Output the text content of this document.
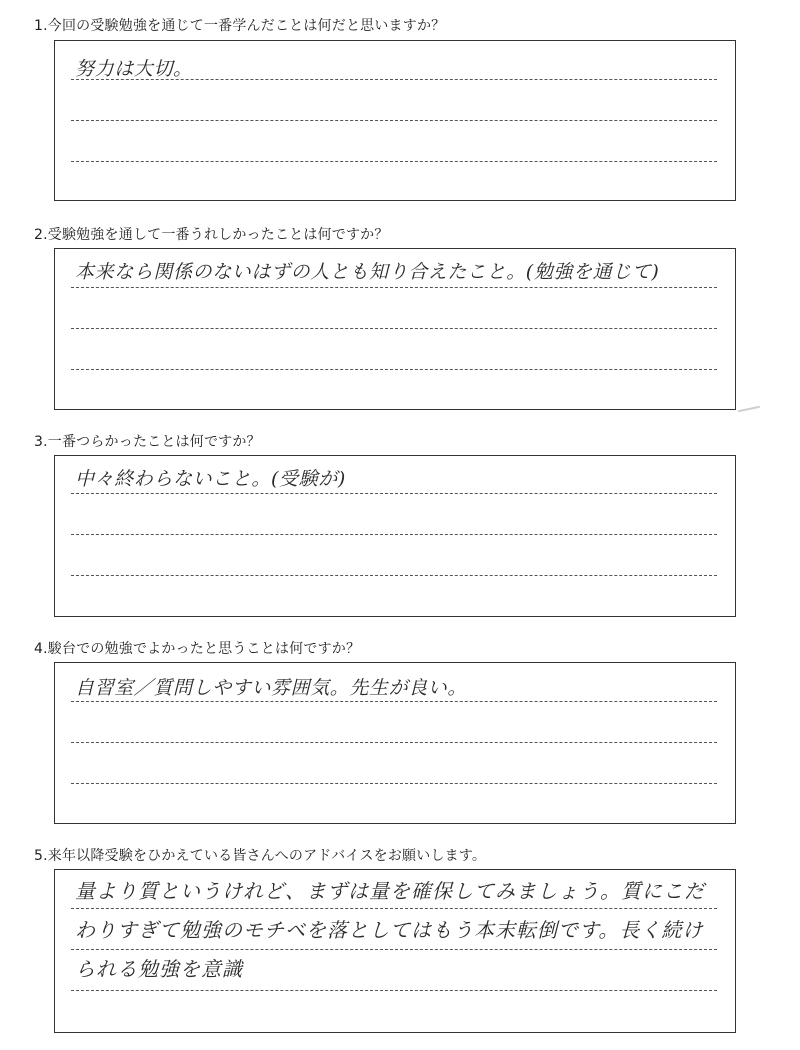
1.今回の受験勉強を通じて一番学んだことは何だと思いますか？
努力は大切。
2.受験勉強を通して一番うれしかったことは何ですか？
本来なら関係のないはずの人とも知り合えたこと。(勉強を通じて)
3.一番つらかったことは何ですか？
中々終わらないこと。(受験が)
4.駿台での勉強でよかったと思うことは何ですか？
自習室／質問しやすい雰囲気。先生が良い。
5.来年以降受験をひかえている皆さんへのアドバイスをお願いします。
量より質というけれど、まずは量を確保してみましょう。質にこだわりすぎて勉強のモチベを落としてはもう本末転倒です。長く続けられる勉強を意識
